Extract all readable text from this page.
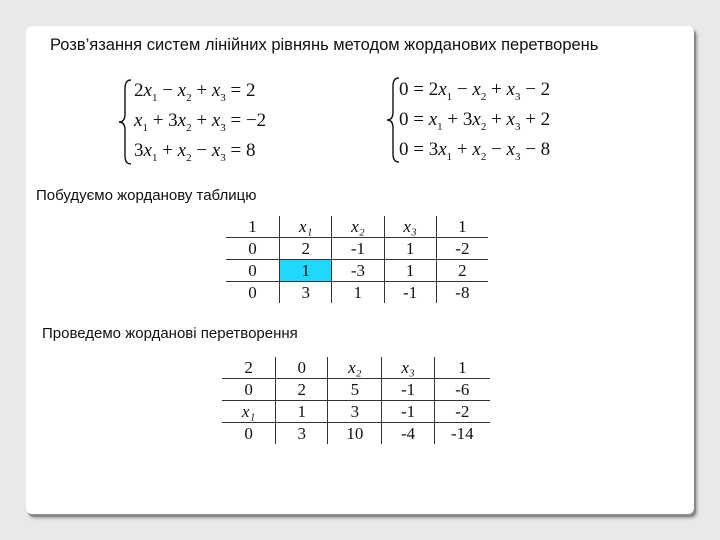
Розв’язання систем лінійних рівнянь методом жорданових перетворень
$2x_1 - x_2 + x_3 = 2$
$x_1 + 3x_2 + x_3 = -2$
$3x_1 + x_2 - x_3 = 8$
$0 = 2x_1 - x_2 + x_3 - 2$
$0 = x_1 + 3x_2 + x_3 + 2$
$0 = 3x_1 + x_2 - x_3 - 8$
Побудуємо жорданову таблицю
1	x₁	x₂	x₃	1
0	2	-1	1	-2
0	1	-3	1	2
0	3	1	-1	-8
Проведемо жорданові перетворення
2	0	x₂	x₃	1
0	2	5	-1	-6
x₁	1	3	-1	-2
0	3	10	-4	-14
